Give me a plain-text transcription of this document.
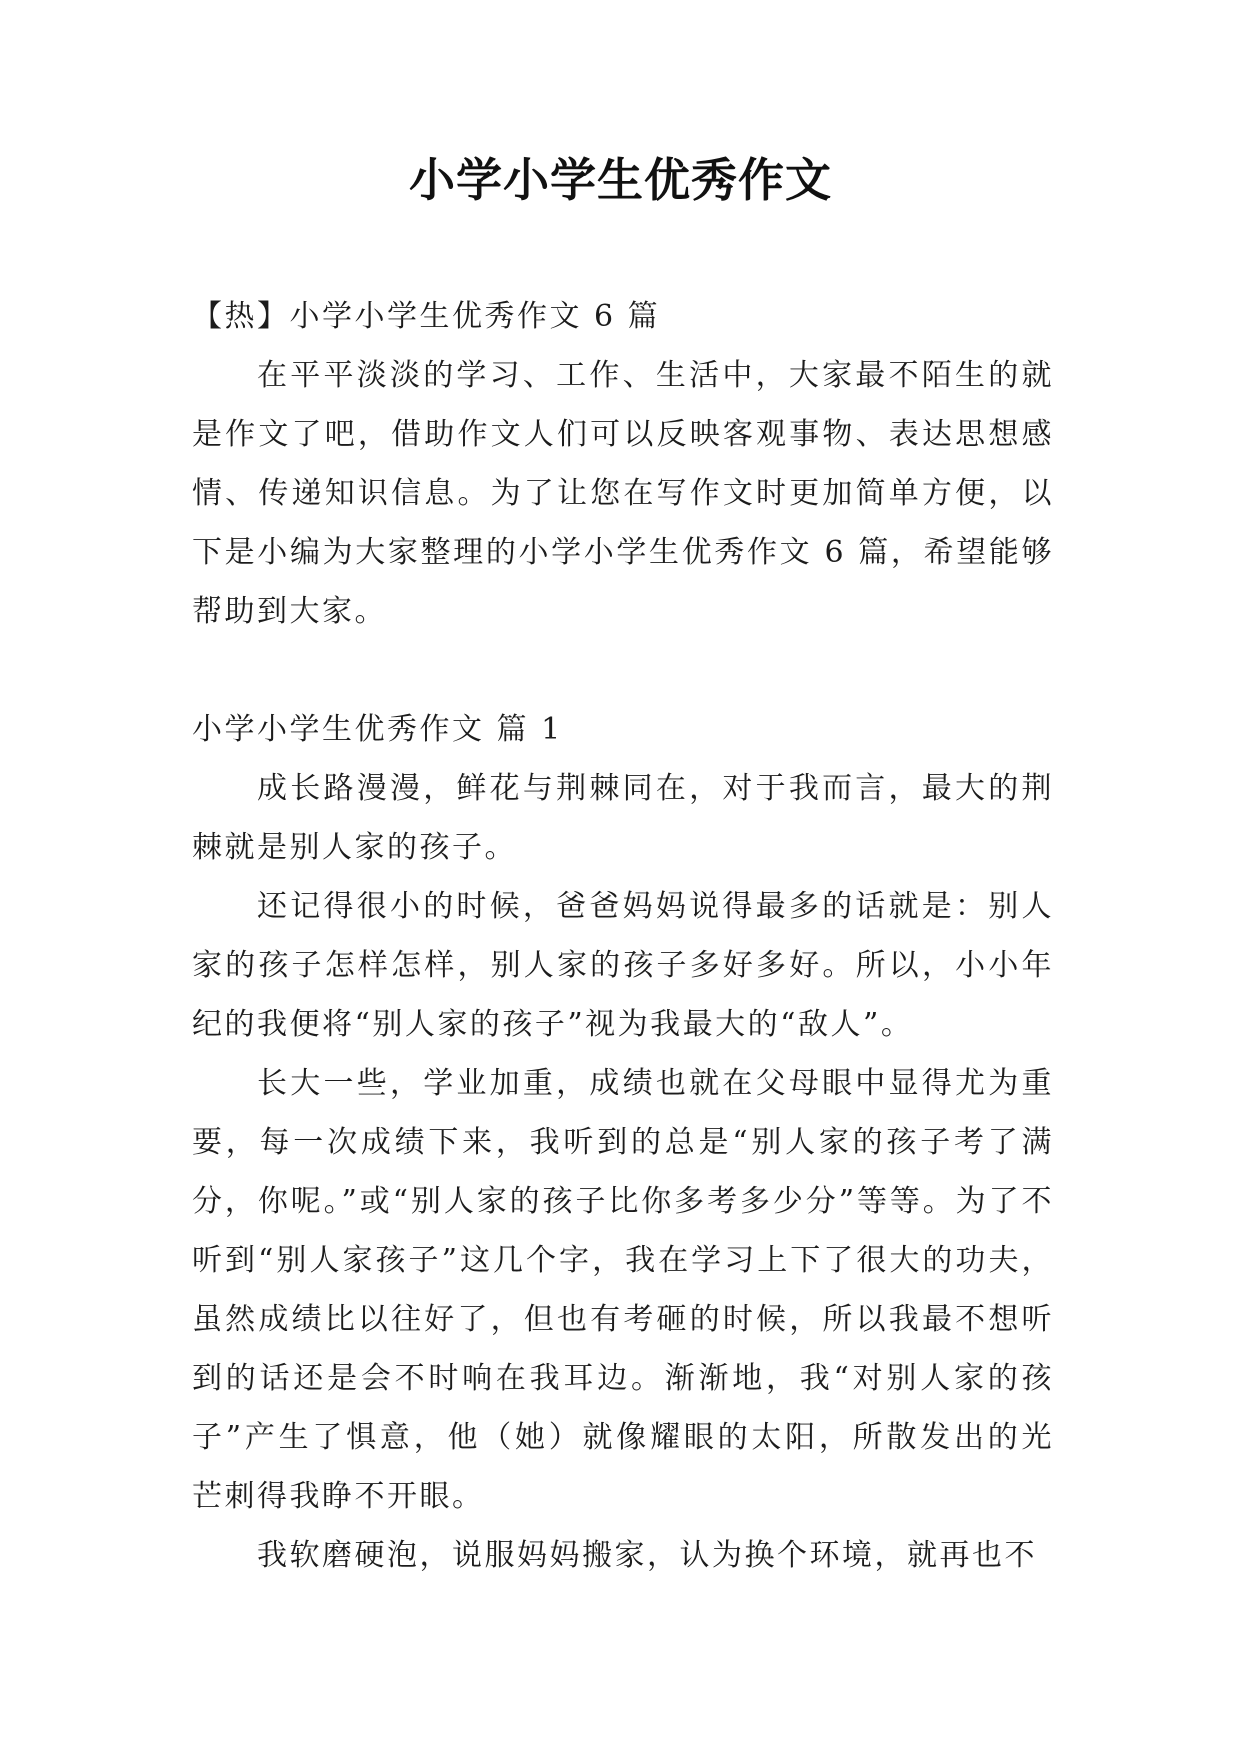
小学小学生优秀作文

【热】小学小学生优秀作文 6 篇

在平平淡淡的学习、工作、生活中，大家最不陌生的就是作文了吧，借助作文人们可以反映客观事物、表达思想感情、传递知识信息。为了让您在写作文时更加简单方便，以下是小编为大家整理的小学小学生优秀作文 6 篇，希望能够帮助到大家。

小学小学生优秀作文 篇 1

成长路漫漫，鲜花与荆棘同在，对于我而言，最大的荆棘就是别人家的孩子。

还记得很小的时候，爸爸妈妈说得最多的话就是：别人家的孩子怎样怎样，别人家的孩子多好多好。所以，小小年纪的我便将“别人家的孩子”视为我最大的“敌人”。

长大一些，学业加重，成绩也就在父母眼中显得尤为重要，每一次成绩下来，我听到的总是“别人家的孩子考了满分，你呢。”或“别人家的孩子比你多考多少分”等等。为了不听到“别人家孩子”这几个字，我在学习上下了很大的功夫，虽然成绩比以往好了，但也有考砸的时候，所以我最不想听到的话还是会不时响在我耳边。渐渐地，我“对别人家的孩子”产生了惧意，他（她）就像耀眼的太阳，所散发出的光芒刺得我睁不开眼。

我软磨硬泡，说服妈妈搬家，认为换个环境，就再也不
